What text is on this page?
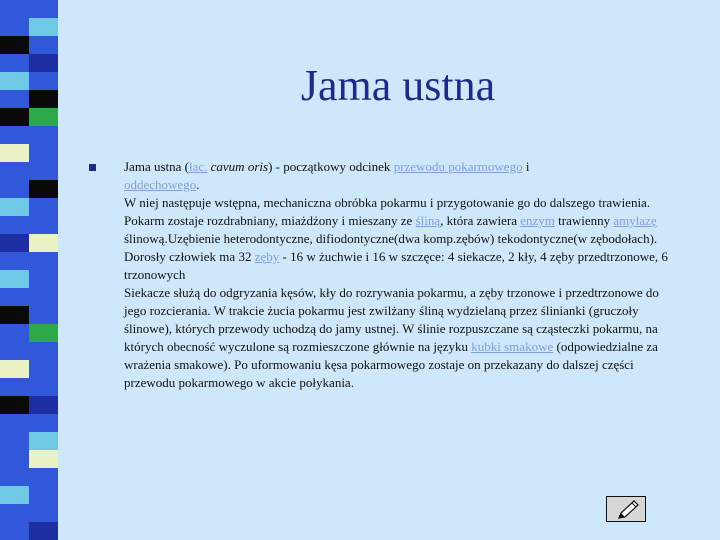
Jama ustna

Jama ustna (łac. cavum oris) - początkowy odcinek przewodu pokarmowego i
oddechowego.

W niej następuje wstępna, mechaniczna obróbka pokarmu i przygotowanie go do dalszego trawienia. Pokarm zostaje rozdrabniany, miażdżony i mieszany ze śliną, która zawiera enzym trawienny amylazę ślinową.Uzębienie heterodontyczne, difiodontyczne(dwa komp.zębów) tekodontyczne(w zębodołach). Dorosły człowiek ma 32 zęby - 16 w żuchwie i 16 w szczęce: 4 siekacze, 2 kły, 4 zęby przedtrzonowe, 6 trzonowych

Siekacze służą do odgryzania kęsów, kły do rozrywania pokarmu, a zęby trzonowe i przedtrzonowe do jego rozcierania. W trakcie żucia pokarmu jest zwilżany śliną wydzielaną przez ślinianki (gruczoły ślinowe), których przewody uchodzą do jamy ustnej. W ślinie rozpuszczane są cząsteczki pokarmu, na których obecność wyczulone są rozmieszczone głównie na języku kubki smakowe (odpowiedzialne za wrażenia smakowe). Po uformowaniu kęsa pokarmowego zostaje on przekazany do dalszej części przewodu pokarmowego w akcie połykania.
